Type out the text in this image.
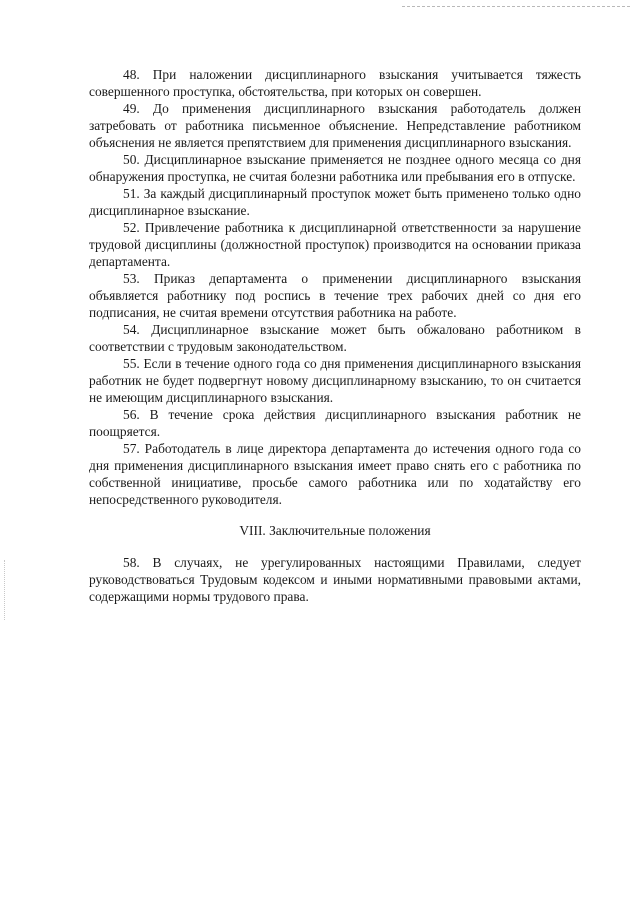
48. При наложении дисциплинарного взыскания учитывается тяжесть совершенного проступка, обстоятельства, при которых он совершен.

49. До применения дисциплинарного взыскания работодатель должен затребовать от работника письменное объяснение. Непредставление работником объяснения не является препятствием для применения дисциплинарного взыскания.

50. Дисциплинарное взыскание применяется не позднее одного месяца со дня обнаружения проступка, не считая болезни работника или пребывания его в отпуске.

51. За каждый дисциплинарный проступок может быть применено только одно дисциплинарное взыскание.

52. Привлечение работника к дисциплинарной ответственности за нарушение трудовой дисциплины (должностной проступок) производится на основании приказа департамента.

53. Приказ департамента о применении дисциплинарного взыскания объявляется работнику под роспись в течение трех рабочих дней со дня его подписания, не считая времени отсутствия работника на работе.

54. Дисциплинарное взыскание может быть обжаловано работником в соответствии с трудовым законодательством.

55. Если в течение одного года со дня применения дисциплинарного взыскания работник не будет подвергнут новому дисциплинарному взысканию, то он считается не имеющим дисциплинарного взыскания.

56. В течение срока действия дисциплинарного взыскания работник не поощряется.

57. Работодатель в лице директора департамента до истечения одного года со дня применения дисциплинарного взыскания имеет право снять его с работника по собственной инициативе, просьбе самого работника или по ходатайству его непосредственного руководителя.

VIII. Заключительные положения

58. В случаях, не урегулированных настоящими Правилами, следует руководствоваться Трудовым кодексом и иными нормативными правовыми актами, содержащими нормы трудового права.
